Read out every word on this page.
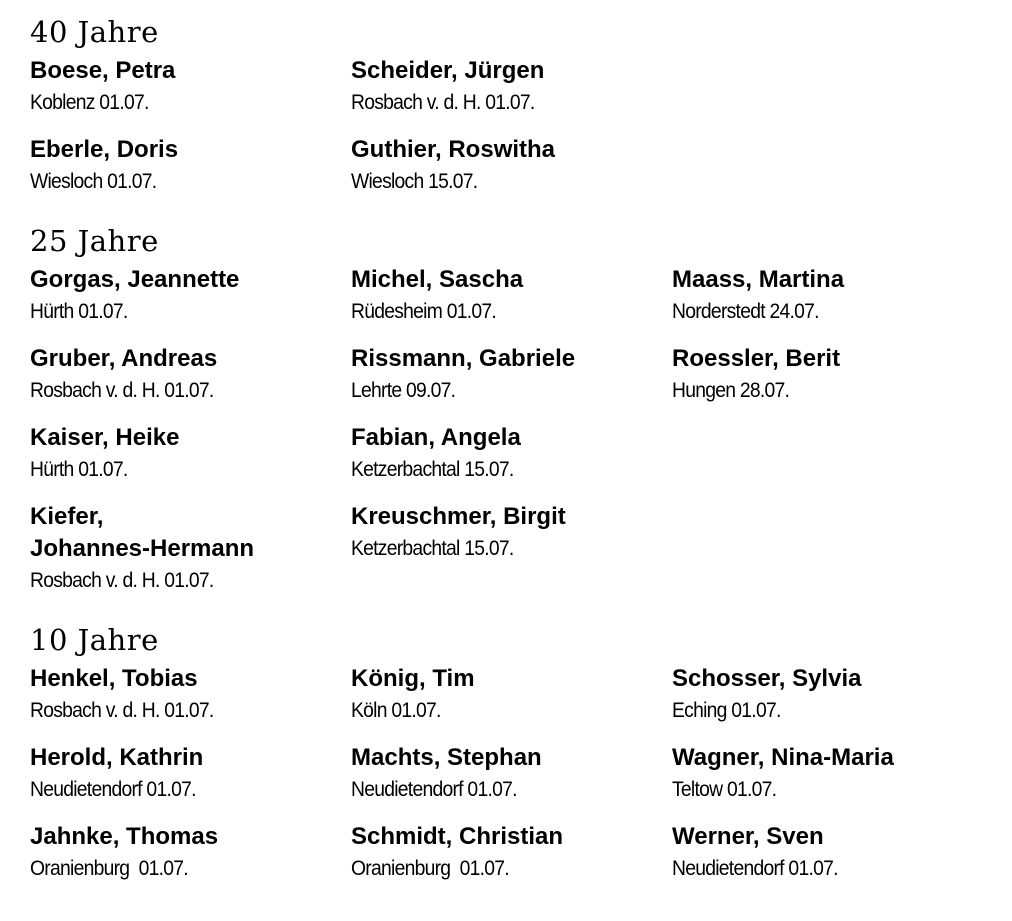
40 Jahre
Boese, Petra
Koblenz 01.07.
Eberle, Doris
Wiesloch 01.07.
Scheider, Jürgen
Rosbach v. d. H. 01.07.
Guthier, Roswitha
Wiesloch 15.07.
25 Jahre
Gorgas, Jeannette
Hürth 01.07.
Gruber, Andreas
Rosbach v. d. H. 01.07.
Kaiser, Heike
Hürth 01.07.
Kiefer,
Johannes-Hermann
Rosbach v. d. H. 01.07.
Michel, Sascha
Rüdesheim 01.07.
Rissmann, Gabriele
Lehrte 09.07.
Fabian, Angela
Ketzerbachtal 15.07.
Kreuschmer, Birgit
Ketzerbachtal 15.07.
Maass, Martina
Norderstedt 24.07.
Roessler, Berit
Hungen 28.07.
10 Jahre
Henkel, Tobias
Rosbach v. d. H. 01.07.
Herold, Kathrin
Neudietendorf 01.07.
Jahnke, Thomas
Oranienburg  01.07.
König, Tim
Köln 01.07.
Machts, Stephan
Neudietendorf 01.07.
Schmidt, Christian
Oranienburg  01.07.
Schosser, Sylvia
Eching 01.07.
Wagner, Nina-Maria
Teltow 01.07.
Werner, Sven
Neudietendorf 01.07.
